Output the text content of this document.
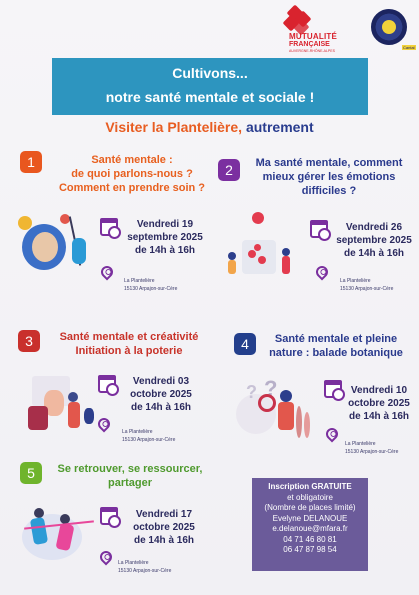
MUTUALITÉ
FRANÇAISE
AUVERGNE-RHÔNE-ALPES
Cantal
Cultivons...
notre santé mentale et sociale !
Visiter la Plantelière, autrement
1	Santé mentale :
de quoi parlons-nous ?
Comment en prendre soin ?
Vendredi 19
septembre 2025
de 14h à 16h
La Plantelière
15130 Arpajon-sur-Cère
2	Ma santé mentale, comment
mieux gérer les émotions
difficiles ?
Vendredi 26
septembre 2025
de 14h à 16h
La Plantelière
15130 Arpajon-sur-Cère
3	Santé mentale et créativité
Initiation à la poterie
Vendredi 03
octobre 2025
de 14h à 16h
La Plantelière
15130 Arpajon-sur-Cère
4	Santé mentale et pleine
nature : balade botanique
? ?	Vendredi 10
octobre 2025
de 14h à 16h
La Plantelière
15130 Arpajon-sur-Cère
5	Se retrouver, se ressourcer,
partager
Vendredi 17
octobre 2025
de 14h à 16h
La Plantelière
15130 Arpajon-sur-Cère
Inscription GRATUITE
et obligatoire
(Nombre de places limité)
Evelyne DELANOUE
e.delanoue@mfara.fr
04 71 46 80 81
06 47 87 98 54
